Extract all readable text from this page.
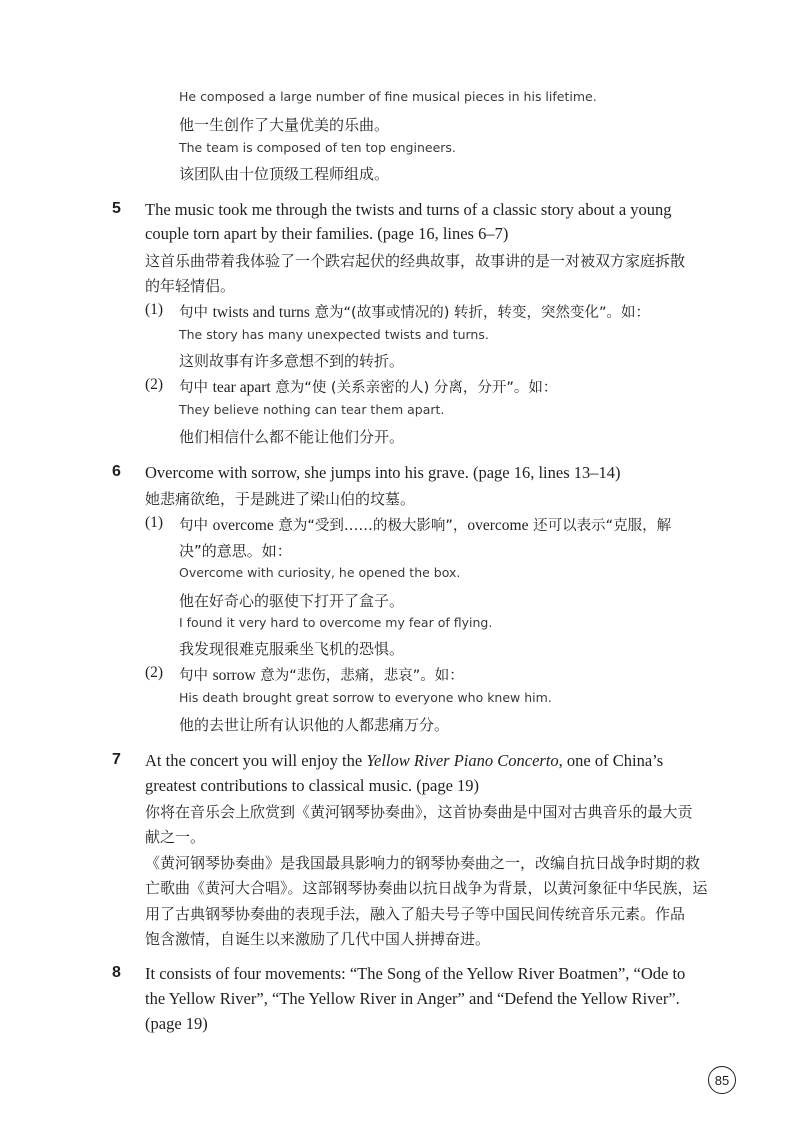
He composed a large number of fine musical pieces in his lifetime.
他一生创作了大量优美的乐曲。
The team is composed of ten top engineers.
该团队由十位顶级工程师组成。
5 The music took me through the twists and turns of a classic story about a young
couple torn apart by their families. (page 16, lines 6–7)
这首乐曲带着我体验了一个跌宕起伏的经典故事，故事讲的是一对被双方家庭拆散
的年轻情侣。
(1) 句中 twists and turns 意为“(故事或情况的) 转折，转变，突然变化”。如：
The story has many unexpected twists and turns.
这则故事有许多意想不到的转折。
(2) 句中 tear apart 意为“使 (关系亲密的人) 分离，分开”。如：
They believe nothing can tear them apart.
他们相信什么都不能让他们分开。
6 Overcome with sorrow, she jumps into his grave. (page 16, lines 13–14)
她悲痛欲绝，于是跳进了梁山伯的坟墓。
(1) 句中 overcome 意为“受到……的极大影响”，overcome 还可以表示“克服，解
决”的意思。如：
Overcome with curiosity, he opened the box.
他在好奇心的驱使下打开了盒子。
I found it very hard to overcome my fear of flying.
我发现很难克服乘坐飞机的恐惧。
(2) 句中 sorrow 意为“悲伤，悲痛，悲哀”。如：
His death brought great sorrow to everyone who knew him.
他的去世让所有认识他的人都悲痛万分。
7 At the concert you will enjoy the Yellow River Piano Concerto, one of China’s
greatest contributions to classical music. (page 19)
你将在音乐会上欣赏到《黄河钢琴协奏曲》，这首协奏曲是中国对古典音乐的最大贡
献之一。
《黄河钢琴协奏曲》是我国最具影响力的钢琴协奏曲之一，改编自抗日战争时期的救
亡歌曲《黄河大合唱》。这部钢琴协奏曲以抗日战争为背景，以黄河象征中华民族，运
用了古典钢琴协奏曲的表现手法，融入了船夫号子等中国民间传统音乐元素。作品
饱含激情，自诞生以来激励了几代中国人拼搏奋进。
8 It consists of four movements: “The Song of the Yellow River Boatmen”, “Ode to
the Yellow River”, “The Yellow River in Anger” and “Defend the Yellow River”.
(page 19)
85
